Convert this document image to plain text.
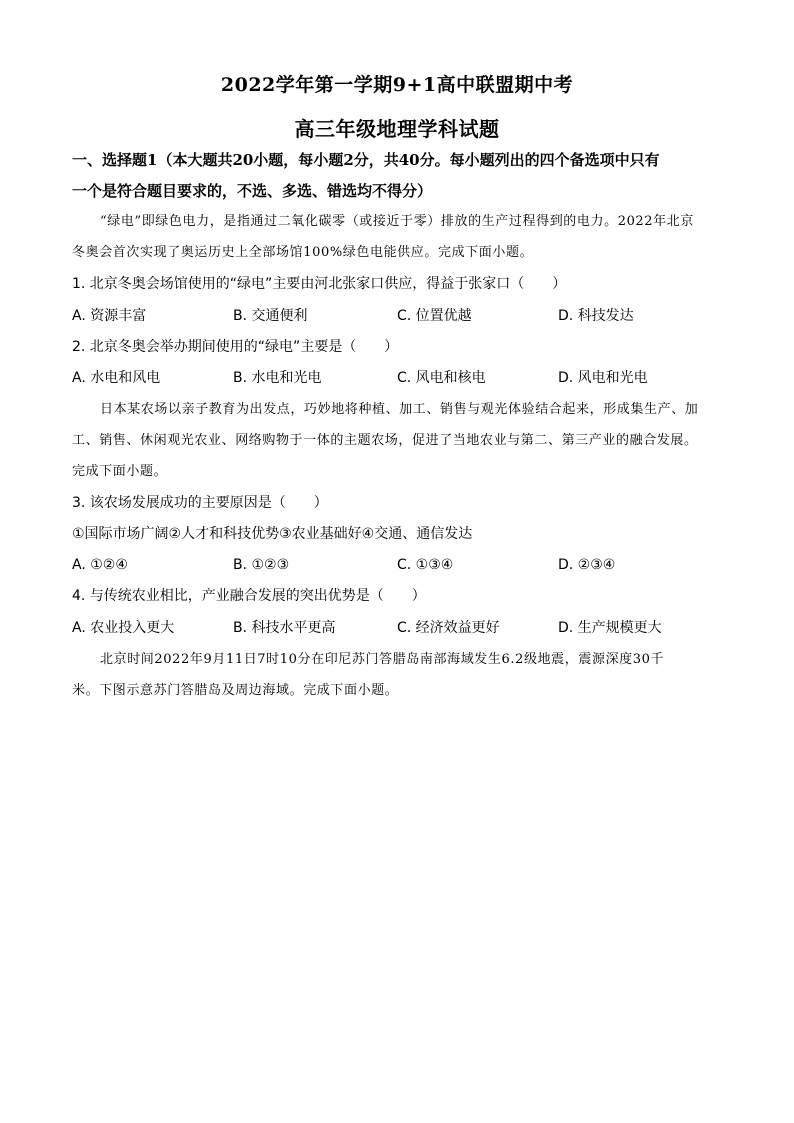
2022学年第一学期9+1高中联盟期中考
高三年级地理学科试题
一、选择题1（本大题共20小题，每小题2分，共40分。每小题列出的四个备选项中只有
一个是符合题目要求的，不选、多选、错选均不得分）
“绿电”即绿色电力，是指通过二氧化碳零（或接近于零）排放的生产过程得到的电力。2022年北京
冬奥会首次实现了奥运历史上全部场馆100%绿色电能供应。完成下面小题。
1. 北京冬奥会场馆使用的“绿电”主要由河北张家口供应，得益于张家口（　　）
A. 资源丰富	B. 交通便利	C. 位置优越	D. 科技发达
2. 北京冬奥会举办期间使用的“绿电”主要是（　　）
A. 水电和风电	B. 水电和光电	C. 风电和核电	D. 风电和光电
日本某农场以亲子教育为出发点，巧妙地将种植、加工、销售与观光体验结合起来，形成集生产、加
工、销售、休闲观光农业、网络购物于一体的主题农场，促进了当地农业与第二、第三产业的融合发展。
完成下面小题。
3. 该农场发展成功的主要原因是（　　）
①国际市场广阔②人才和科技优势③农业基础好④交通、通信发达
A. ①②④	B. ①②③	C. ①③④	D. ②③④
4. 与传统农业相比，产业融合发展的突出优势是（　　）
A. 农业投入更大	B. 科技水平更高	C. 经济效益更好	D. 生产规模更大
北京时间2022年9月11日7时10分在印尼苏门答腊岛南部海域发生6.2级地震，震源深度30千
米。下图示意苏门答腊岛及周边海域。完成下面小题。
